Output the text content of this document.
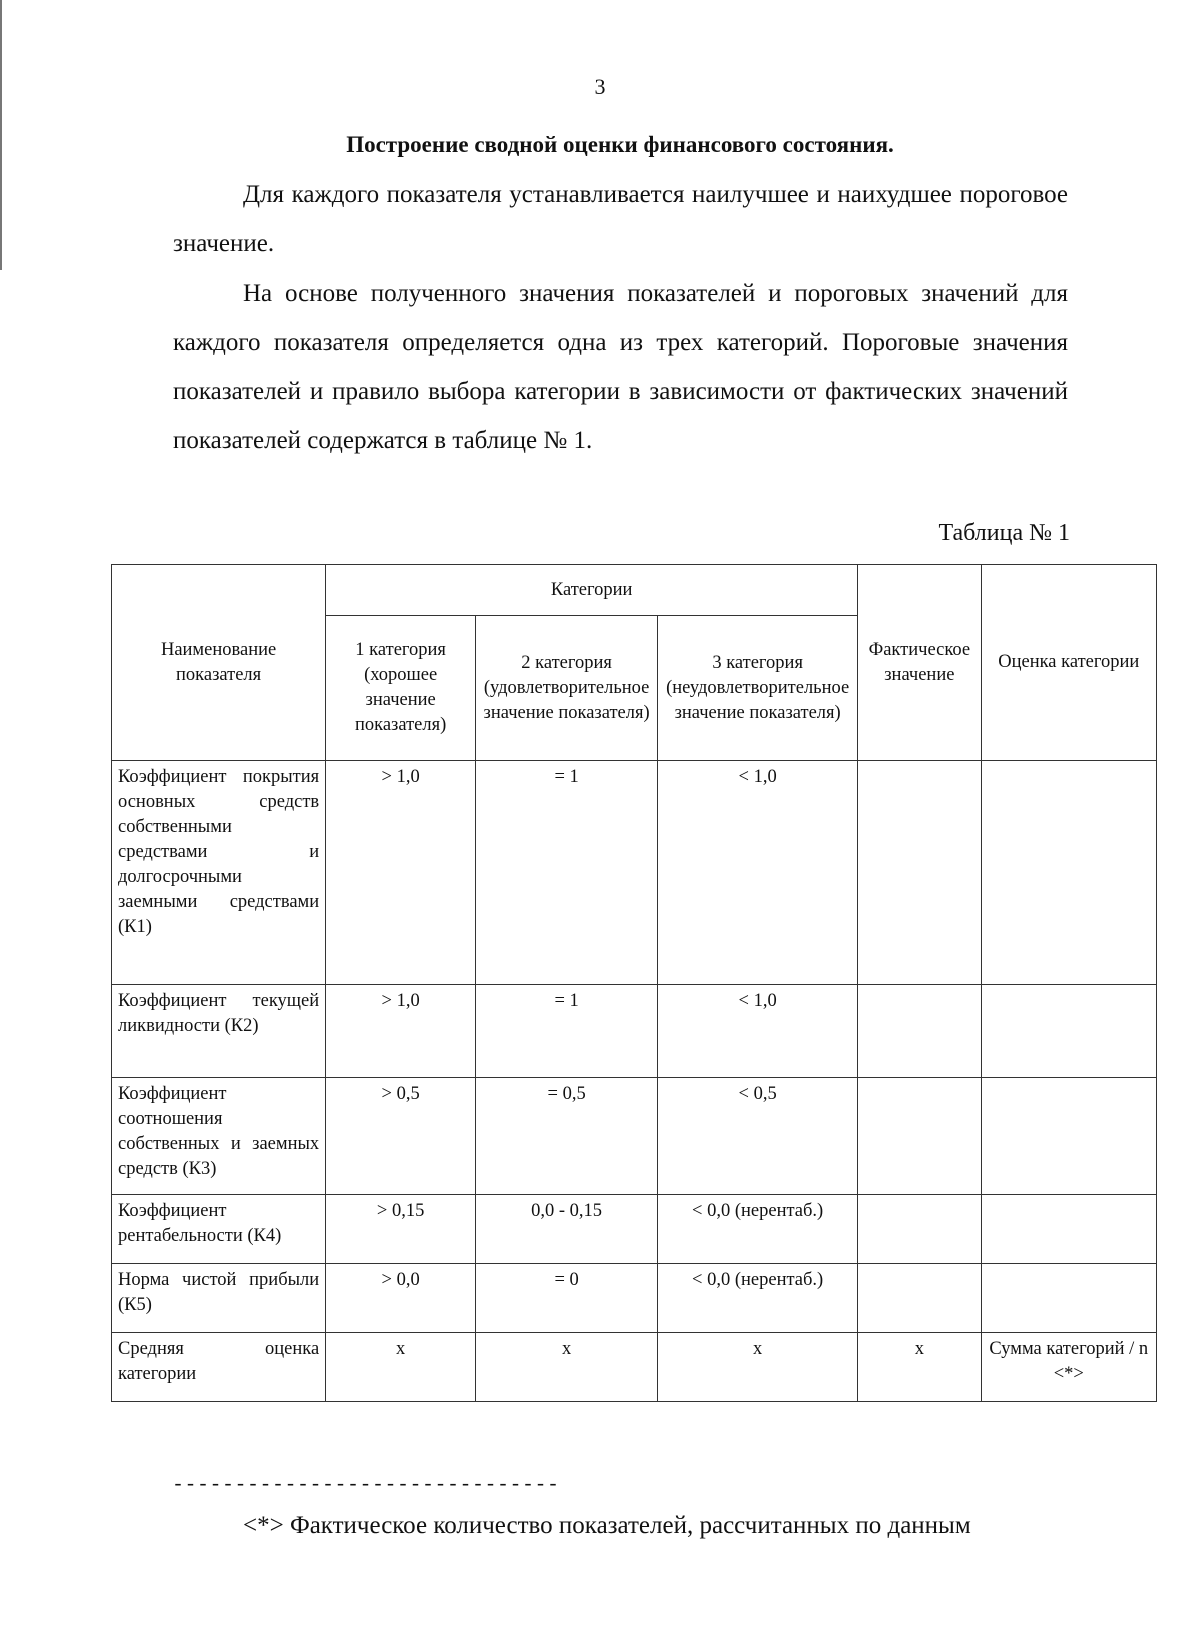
3
Построение сводной оценки финансового состояния.
Для каждого показателя устанавливается наилучшее и наихудшее пороговое значение.
На основе полученного значения показателей и пороговых значений для каждого показателя определяется одна из трех категорий. Пороговые значения показателей и правило выбора категории в зависимости от фактических значений показателей содержатся в таблице № 1.
Таблица № 1
Наименование показателя	Категории			Фактическое значение	Оценка категории
	1 категория (хорошее значение показателя)	2 категория (удовлетворительное значение показателя)	3 категория (неудовлетворительное значение показателя)		
Коэффициент покрытия основных средств собственными средствами и долгосрочными заемными средствами (К1)	> 1,0	= 1	< 1,0		
Коэффициент текущей ликвидности (К2)	> 1,0	= 1	< 1,0		
Коэффициент соотношения собственных и заемных средств (К3)	> 0,5	= 0,5	< 0,5		
Коэффициент рентабельности (К4)	> 0,15	0,0 - 0,15	< 0,0 (нерентаб.)		
Норма чистой прибыли (К5)	> 0,0	= 0	< 0,0 (нерентаб.)		
Средняя оценка категории	x	x	x	x	Сумма категорий / n <*>
-------------------------------
<*> Фактическое количество показателей, рассчитанных по данным
